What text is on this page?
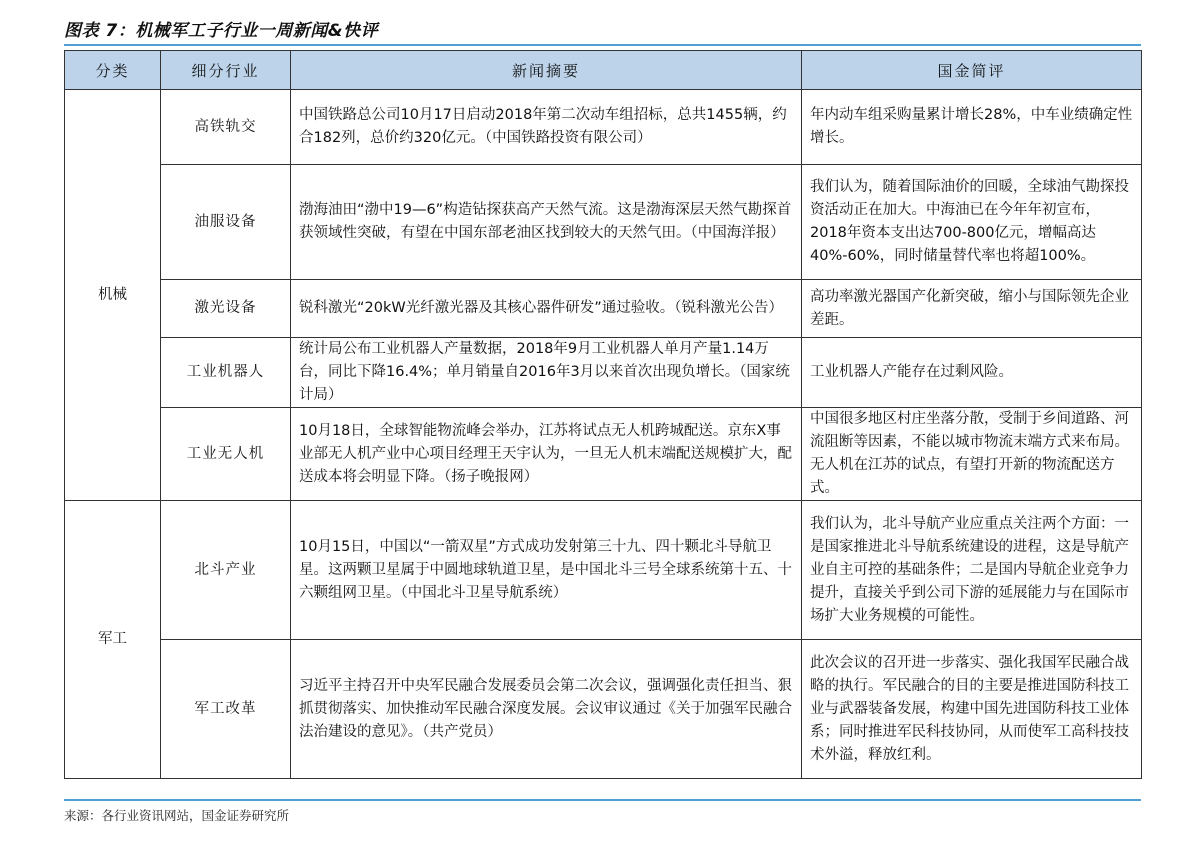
图表 7：机械军工子行业一周新闻&快评
分类	细分行业	新闻摘要	国金简评
机械	高铁轨交	中国铁路总公司10月17日启动2018年第二次动车组招标，总共1455辆，约合182列，总价约320亿元。（中国铁路投资有限公司）	年内动车组采购量累计增长28%，中车业绩确定性增长。
	油服设备	渤海油田“渤中19—6”构造钻探获高产天然气流。这是渤海深层天然气勘探首获领域性突破，有望在中国东部老油区找到较大的天然气田。（中国海洋报）	我们认为，随着国际油价的回暖，全球油气勘探投资活动正在加大。中海油已在今年年初宣布，2018年资本支出达700-800亿元，增幅高达40%-60%，同时储量替代率也将超100%。
	激光设备	锐科激光“20kW光纤激光器及其核心器件研发”通过验收。（锐科激光公告）	高功率激光器国产化新突破，缩小与国际领先企业差距。
	工业机器人	统计局公布工业机器人产量数据，2018年9月工业机器人单月产量1.14万台，同比下降16.4%；单月销量自2016年3月以来首次出现负增长。（国家统计局）	工业机器人产能存在过剩风险。
	工业无人机	10月18日，全球智能物流峰会举办，江苏将试点无人机跨城配送。京东X事业部无人机产业中心项目经理王天宇认为，一旦无人机末端配送规模扩大，配送成本将会明显下降。（扬子晚报网）	中国很多地区村庄坐落分散，受制于乡间道路、河流阻断等因素，不能以城市物流末端方式来布局。无人机在江苏的试点，有望打开新的物流配送方式。
军工	北斗产业	10月15日，中国以“一箭双星”方式成功发射第三十九、四十颗北斗导航卫星。这两颗卫星属于中圆地球轨道卫星，是中国北斗三号全球系统第十五、十六颗组网卫星。（中国北斗卫星导航系统）	我们认为，北斗导航产业应重点关注两个方面：一是国家推进北斗导航系统建设的进程，这是导航产业自主可控的基础条件；二是国内导航企业竞争力提升，直接关乎到公司下游的延展能力与在国际市场扩大业务规模的可能性。
	军工改革	习近平主持召开中央军民融合发展委员会第二次会议，强调强化责任担当、狠抓贯彻落实、加快推动军民融合深度发展。会议审议通过《关于加强军民融合法治建设的意见》。（共产党员）	此次会议的召开进一步落实、强化我国军民融合战略的执行。军民融合的目的主要是推进国防科技工业与武器装备发展，构建中国先进国防科技工业体系；同时推进军民科技协同，从而使军工高科技技术外溢，释放红利。
来源：各行业资讯网站，国金证券研究所
